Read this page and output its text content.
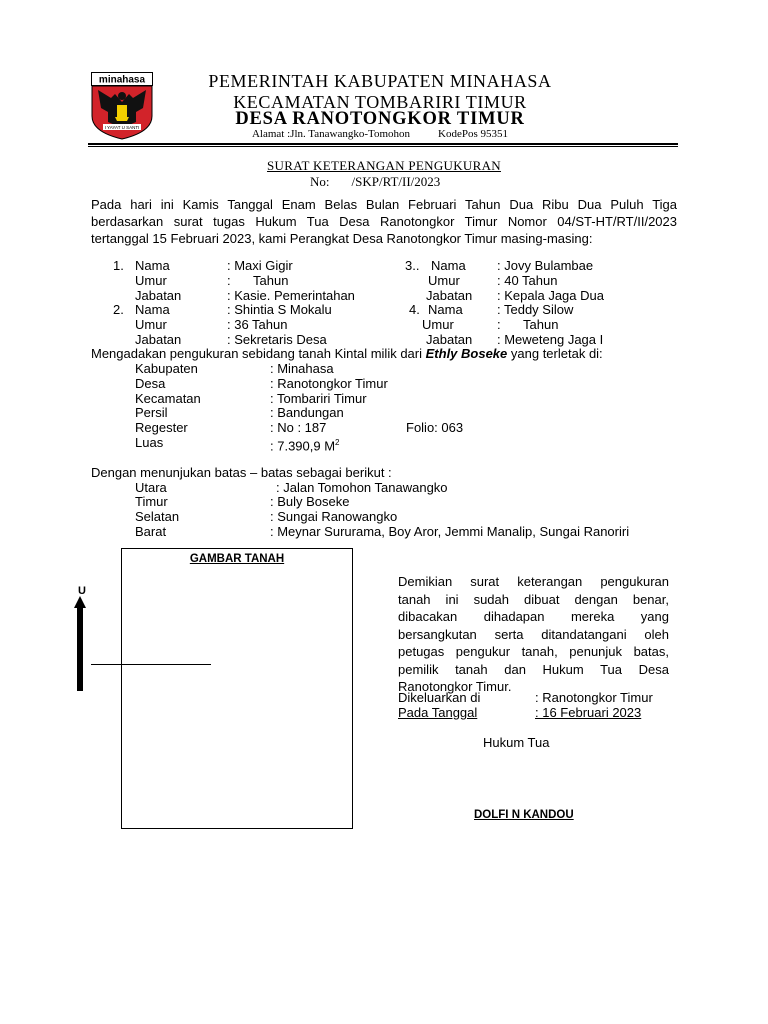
minahasa
I YAYAT U SANTI
PEMERINTAH KABUPATEN MINAHASA
KECAMATAN TOMBARIRI TIMUR
DESA RANOTONGKOR TIMUR
Alamat :Jln. Tanawangko-Tomohon	KodePos 95351
SURAT KETERANGAN PENGUKURAN
No: /SKP/RT/II/2023
Pada hari ini Kamis Tanggal Enam Belas Bulan Februari Tahun Dua Ribu Dua Puluh Tiga
berdasarkan surat tugas Hukum Tua Desa Ranotongkor Timur Nomor 04/ST-HT/RT/II/2023
tertanggal 15 Februari 2023, kami Perangkat Desa Ranotongkor Timur masing-masing:
1. Nama	: Maxi Gigir
Umur	: Tahun
Jabatan	: Kasie. Pemerintahan
2. Nama	: Shintia S Mokalu
Umur	: 36 Tahun
Jabatan	: Sekretaris Desa
3.. Nama : Jovy Bulambae
Umur	: 40 Tahun
Jabatan : Kepala Jaga Dua
4. Nama	: Teddy Silow
Umur	: Tahun
Jabatan : Meweteng Jaga I
Mengadakan pengukuran sebidang tanah Kintal milik dari Ethly Boseke yang terletak di:
Kabupaten	: Minahasa
Desa	: Ranotongkor Timur
Kecamatan	: Tombariri Timur
Persil	: Bandungan
Regester	: No : 187	Folio: 063
Luas	: 7.390,9 $M^2$
Dengan menunjukan batas – batas sebagai berikut :
Utara	: Jalan Tomohon Tanawangko
Timur	: Buly Boseke
Selatan	: Sungai Ranowangko
Barat	: Meynar Sururama, Boy Aror, Jemmi Manalip, Sungai Ranoriri
GAMBAR TANAH
U
Demikian surat keterangan pengukuran
tanah ini sudah dibuat dengan benar,
dibacakan dihadapan mereka yang
bersangkutan serta ditandatangani oleh
petugas pengukur tanah, penunjuk batas,
pemilik tanah dan Hukum Tua Desa
Ranotongkor Timur.
Dikeluarkan di	: Ranotongkor Timur
Pada Tanggal	: 16 Februari 2023
Hukum Tua
DOLFI N KANDOU
